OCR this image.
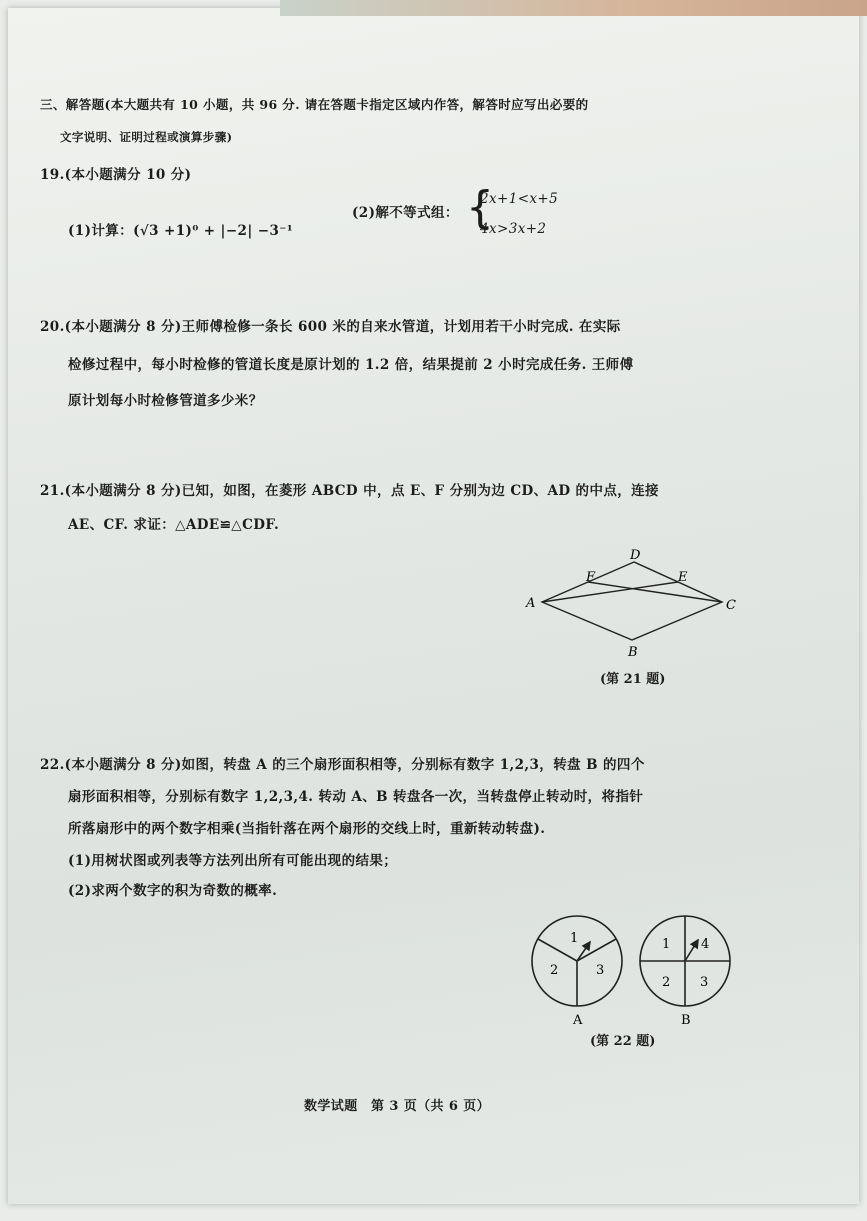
三、解答题(本大题共有 10 小题，共 96 分. 请在答题卡指定区域内作答，解答时应写出必要的
文字说明、证明过程或演算步骤)
19.(本小题满分 10 分)
(1)计算：(√3 +1)⁰ + |−2| −3⁻¹
(2)解不等式组： {
2x+1<x+5
4x>3x+2
20.(本小题满分 8 分)王师傅检修一条长 600 米的自来水管道，计划用若干小时完成. 在实际
检修过程中，每小时检修的管道长度是原计划的 1.2 倍，结果提前 2 小时完成任务. 王师傅
原计划每小时检修管道多少米？
21.(本小题满分 8 分)已知，如图，在菱形 ABCD 中，点 E、F 分别为边 CD、AD 的中点，连接
AE、CF. 求证：△ADE≌△CDF.
A
D
C
B
F	E
(第 21 题)
22.(本小题满分 8 分)如图，转盘 A 的三个扇形面积相等，分别标有数字 1,2,3，转盘 B 的四个
扇形面积相等，分别标有数字 1,2,3,4. 转动 A、B 转盘各一次，当转盘停止转动时，将指针
所落扇形中的两个数字相乘(当指针落在两个扇形的交线上时，重新转动转盘).
(1)用树状图或列表等方法列出所有可能出现的结果；
(2)求两个数字的积为奇数的概率.
1
2	3
A
1 4
2 3
B
(第 22 题)
数学试题　第 3 页（共 6 页）
